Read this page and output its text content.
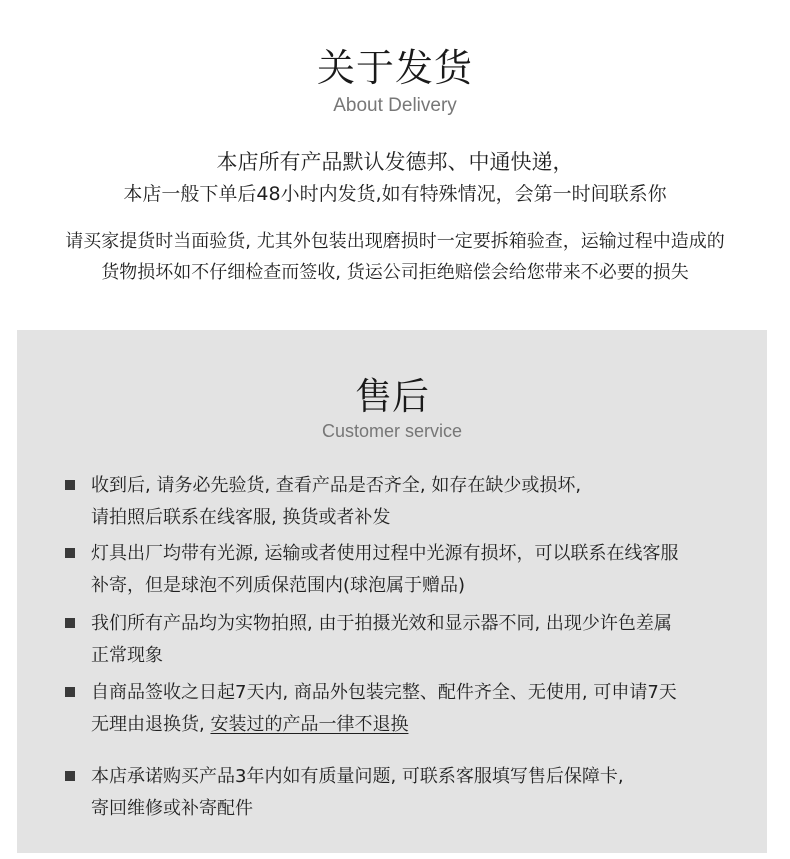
关于发货
About Delivery

本店所有产品默认发德邦、中通快递，

本店一般下单后48小时内发货,如有特殊情况，会第一时间联系你

请买家提货时当面验货, 尤其外包装出现磨损时一定要拆箱验查，运输过程中造成的

货物损坏如不仔细检查而签收, 货运公司拒绝赔偿会给您带来不必要的损失

售后
Customer service
收到后, 请务必先验货, 查看产品是否齐全, 如存在缺少或损坏,
请拍照后联系在线客服, 换货或者补发
灯具出厂均带有光源, 运输或者使用过程中光源有损坏，可以联系在线客服
补寄，但是球泡不列质保范围内(球泡属于赠品)
我们所有产品均为实物拍照, 由于拍摄光效和显示器不同, 出现少许色差属
正常现象
自商品签收之日起7天内, 商品外包装完整、配件齐全、无使用, 可申请7天
无理由退换货, 安装过的产品一律不退换
本店承诺购买产品3年内如有质量问题, 可联系客服填写售后保障卡,
寄回维修或补寄配件
